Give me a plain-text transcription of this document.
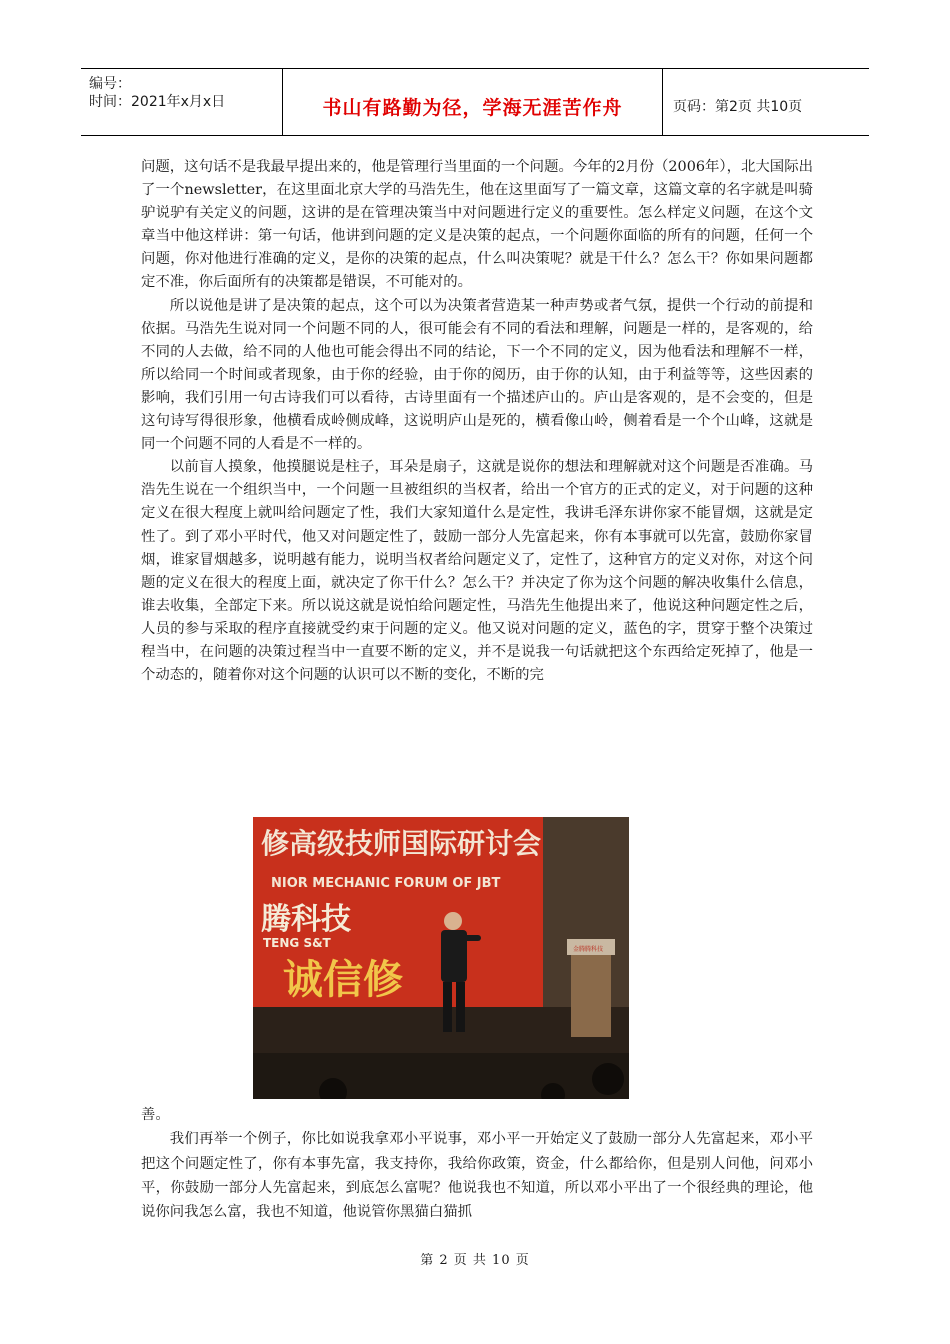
编号：
时间：2021年x月x日	书山有路勤为径，学海无涯苦作舟	页码：第2页 共10页

问题，这句话不是我最早提出来的，他是管理行当里面的一个问题。今年的2月份（2006年），北大国际出了一个newsletter，在这里面北京大学的马浩先生，他在这里面写了一篇文章，这篇文章的名字就是叫骑驴说驴有关定义的问题，这讲的是在管理决策当中对问题进行定义的重要性。怎么样定义问题，在这个文章当中他这样讲：第一句话，他讲到问题的定义是决策的起点，一个问题你面临的所有的问题，任何一个问题，你对他进行准确的定义，是你的决策的起点，什么叫决策呢？就是干什么？怎么干？你如果问题都定不准，你后面所有的决策都是错误，不可能对的。

所以说他是讲了是决策的起点，这个可以为决策者营造某一种声势或者气氛，提供一个行动的前提和依据。马浩先生说对同一个问题不同的人，很可能会有不同的看法和理解，问题是一样的，是客观的，给不同的人去做，给不同的人他也可能会得出不同的结论，下一个不同的定义，因为他看法和理解不一样，所以给同一个时间或者现象，由于你的经验，由于你的阅历，由于你的认知，由于利益等等，这些因素的影响，我们引用一句古诗我们可以看待，古诗里面有一个描述庐山的。庐山是客观的，是不会变的，但是这句诗写得很形象，他横看成岭侧成峰，这说明庐山是死的，横看像山岭，侧着看是一个个山峰，这就是同一个问题不同的人看是不一样的。

以前盲人摸象，他摸腿说是柱子，耳朵是扇子，这就是说你的想法和理解就对这个问题是否准确。马浩先生说在一个组织当中，一个问题一旦被组织的当权者，给出一个官方的正式的定义，对于问题的这种定义在很大程度上就叫给问题定了性，我们大家知道什么是定性，我讲毛泽东讲你家不能冒烟，这就是定性了。到了邓小平时代，他又对问题定性了，鼓励一部分人先富起来，你有本事就可以先富，鼓励你家冒烟，谁家冒烟越多，说明越有能力，说明当权者给问题定义了，定性了，这种官方的定义对你，对这个问题的定义在很大的程度上面，就决定了你干什么？怎么干？并决定了你为这个问题的解决收集什么信息，谁去收集，全部定下来。所以说这就是说怕给问题定性，马浩先生他提出来了，他说这种问题定性之后，人员的参与采取的程序直接就受约束于问题的定义。他又说对问题的定义，蓝色的字，贯穿于整个决策过程当中，在问题的决策过程当中一直要不断的定义，并不是说我一句话就把这个东西给定死掉了，他是一个动态的，随着你对这个问题的认识可以不断的变化，不断的完

修高级技师国际研讨会
NIOR MECHANIC FORUM OF JBT
腾科技
TENG S&T
诚信修
金腾腾科技

善。

我们再举一个例子，你比如说我拿邓小平说事，邓小平一开始定义了鼓励一部分人先富起来，邓小平把这个问题定性了，你有本事先富，我支持你，我给你政策，资金，什么都给你，但是别人问他，问邓小平，你鼓励一部分人先富起来，到底怎么富呢？他说我也不知道，所以邓小平出了一个很经典的理论，他说你问我怎么富，我也不知道，他说管你黑猫白猫抓

第 2 页 共 10 页
